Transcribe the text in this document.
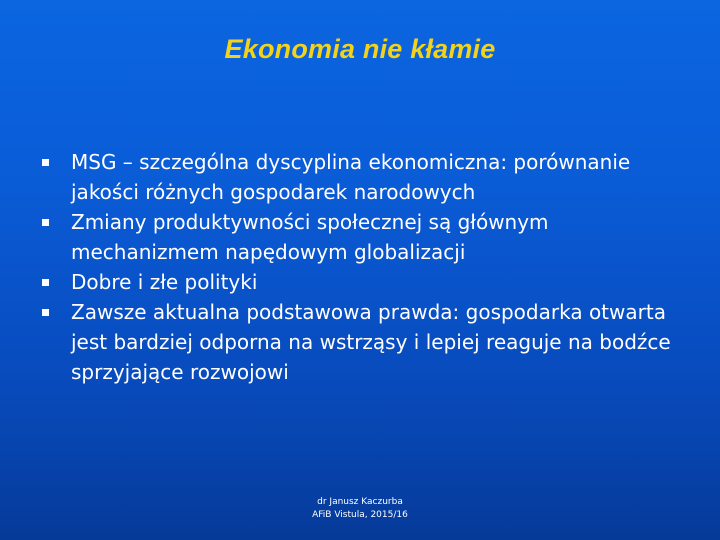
Ekonomia nie kłamie
MSG – szczególna dyscyplina ekonomiczna: porównanie jakości różnych gospodarek narodowych
Zmiany produktywności społecznej są głównym mechanizmem napędowym globalizacji
Dobre i złe polityki
Zawsze aktualna podstawowa prawda: gospodarka otwarta jest bardziej odporna na wstrząsy i lepiej reaguje na bodźce sprzyjające rozwojowi
dr Janusz Kaczurba
AFiB Vistula, 2015/16
